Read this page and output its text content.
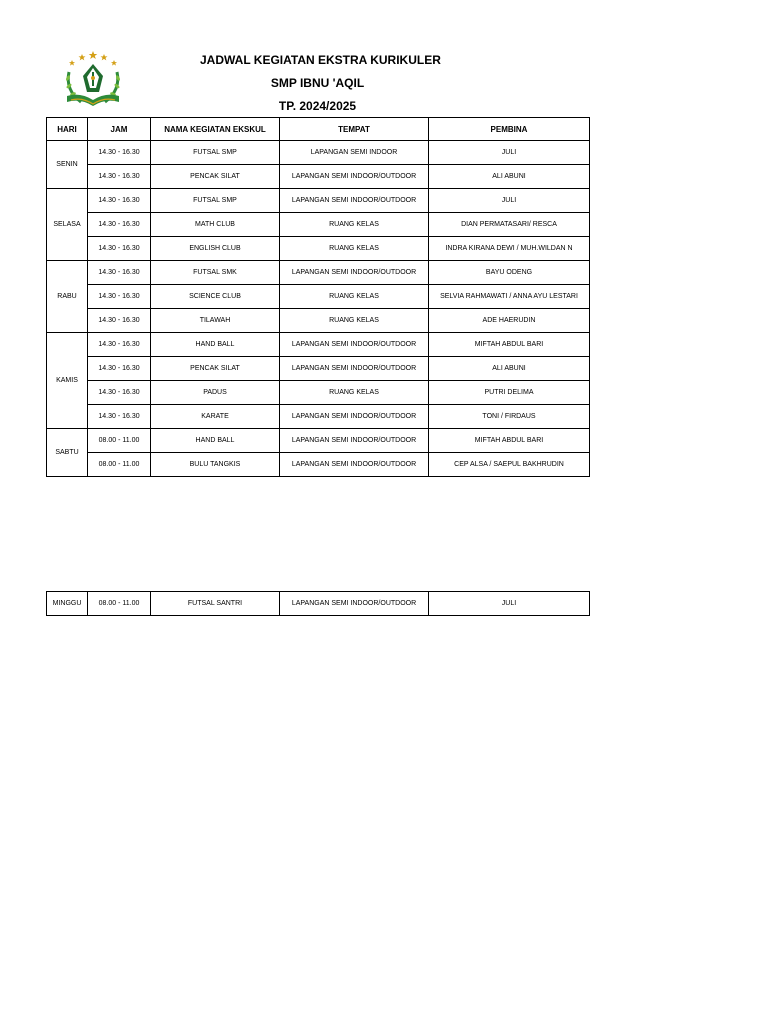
JADWAL KEGIATAN EKSTRA KURIKULER
SMP IBNU 'AQIL
TP. 2024/2025
HARI	JAM	NAMA KEGIATAN EKSKUL	TEMPAT	PEMBINA
SENIN	14.30 - 16.30	FUTSAL SMP	LAPANGAN SEMI INDOOR	JULI
	14.30 - 16.30	PENCAK SILAT	LAPANGAN SEMI INDOOR/OUTDOOR	ALI ABUNI
SELASA	14.30 - 16.30	FUTSAL SMP	LAPANGAN SEMI INDOOR/OUTDOOR	JULI
	14.30 - 16.30	MATH CLUB	RUANG KELAS	DIAN PERMATASARI/ RESCA
	14.30 - 16.30	ENGLISH CLUB	RUANG KELAS	INDRA KIRANA DEWI / MUH.WILDAN N
RABU	14.30 - 16.30	FUTSAL SMK	LAPANGAN SEMI INDOOR/OUTDOOR	BAYU ODENG
	14.30 - 16.30	SCIENCE CLUB	RUANG KELAS	SELVIA RAHMAWATI / ANNA AYU LESTARI
	14.30 - 16.30	TILAWAH	RUANG KELAS	ADE HAERUDIN
KAMIS	14.30 - 16.30	HAND BALL	LAPANGAN SEMI INDOOR/OUTDOOR	MIFTAH ABDUL BARI
	14.30 - 16.30	PENCAK SILAT	LAPANGAN SEMI INDOOR/OUTDOOR	ALI ABUNI
	14.30 - 16.30	PADUS	RUANG KELAS	PUTRI DELIMA
	14.30 - 16.30	KARATE	LAPANGAN SEMI INDOOR/OUTDOOR	TONI / FIRDAUS
SABTU	08.00 - 11.00	HAND BALL	LAPANGAN SEMI INDOOR/OUTDOOR	MIFTAH ABDUL BARI
	08.00 - 11.00	BULU TANGKIS	LAPANGAN SEMI INDOOR/OUTDOOR	CEP ALSA / SAEPUL BAKHRUDIN
MINGGU	08.00 - 11.00	FUTSAL SANTRI	LAPANGAN SEMI INDOOR/OUTDOOR	JULI
